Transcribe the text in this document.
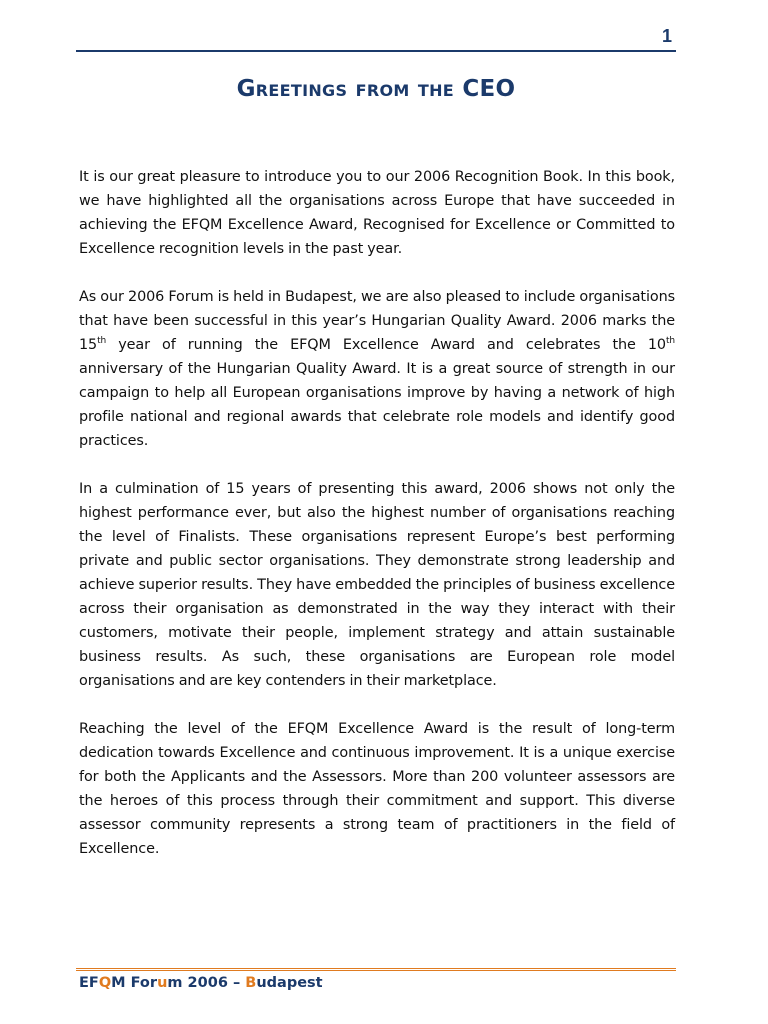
1
Greetings from the CEO

It is our great pleasure to introduce you to our 2006 Recognition Book. In this book, we have highlighted all the organisations across Europe that have succeeded in achieving the EFQM Excellence Award, Recognised for Excellence or Committed to Excellence recognition levels in the past year.

As our 2006 Forum is held in Budapest, we are also pleased to include organisations that have been successful in this year’s Hungarian Quality Award. 2006 marks the 15th year of running the EFQM Excellence Award and celebrates the 10th anniversary of the Hungarian Quality Award. It is a great source of strength in our campaign to help all European organisations improve by having a network of high profile national and regional awards that celebrate role models and identify good practices.

In a culmination of 15 years of presenting this award, 2006 shows not only the highest performance ever, but also the highest number of organisations reaching the level of Finalists. These organisations represent Europe’s best performing private and public sector organisations. They demonstrate strong leadership and achieve superior results. They have embedded the principles of business excellence across their organisation as demonstrated in the way they interact with their customers, motivate their people, implement strategy and attain sustainable business results. As such, these organisations are European role model organisations and are key contenders in their marketplace.

Reaching the level of the EFQM Excellence Award is the result of long-term dedication towards Excellence and continuous improvement. It is a unique exercise for both the Applicants and the Assessors. More than 200 volunteer assessors are the heroes of this process through their commitment and support. This diverse assessor community represents a strong team of practitioners in the field of Excellence.

EFQM Forum 2006 – Budapest
